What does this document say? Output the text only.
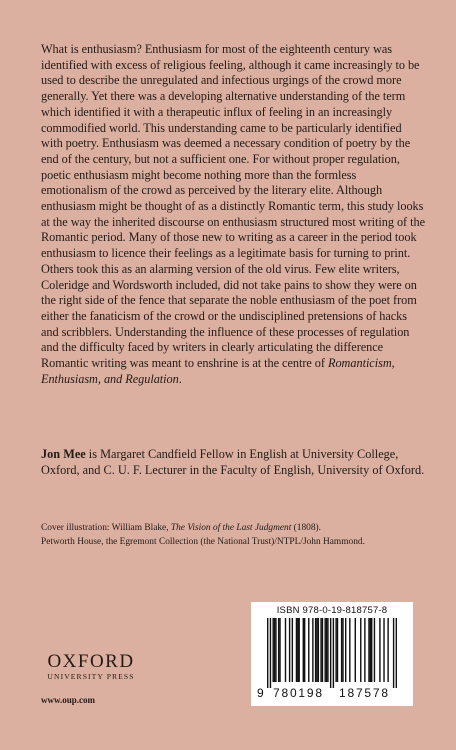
What is enthusiasm? Enthusiasm for most of the eighteenth century was identified with excess of religious feeling, although it came increasingly to be used to describe the unregulated and infectious urgings of the crowd more generally. Yet there was a developing alternative understanding of the term which identified it with a therapeutic influx of feeling in an increasingly commodified world. This understanding came to be particularly identified with poetry. Enthusiasm was deemed a necessary condition of poetry by the end of the century, but not a sufficient one. For without proper regulation, poetic enthusiasm might become nothing more than the formless emotionalism of the crowd as perceived by the literary elite. Although enthusiasm might be thought of as a distinctly Romantic term, this study looks at the way the inherited discourse on enthusiasm structured most writing of the Romantic period. Many of those new to writing as a career in the period took enthusiasm to licence their feelings as a legitimate basis for turning to print. Others took this as an alarming version of the old virus. Few elite writers, Coleridge and Wordsworth included, did not take pains to show they were on the right side of the fence that separate the noble enthusiasm of the poet from either the fanaticism of the crowd or the undisciplined pretensions of hacks and scribblers. Understanding the influence of these processes of regulation and the difficulty faced by writers in clearly articulating the difference Romantic writing was meant to enshrine is at the centre of Romanticism, Enthusiasm, and Regulation.

Jon Mee is Margaret Candfield Fellow in English at University College, Oxford, and C. U. F. Lecturer in the Faculty of English, University of Oxford.

Cover illustration: William Blake, The Vision of the Last Judgment (1808).
Petworth House, the Egremont Collection (the National Trust)/NTPL/John Hammond.

OXFORD
UNIVERSITY PRESS
www.oup.com
ISBN 978-0-19-818757-8
9 780198 187578
